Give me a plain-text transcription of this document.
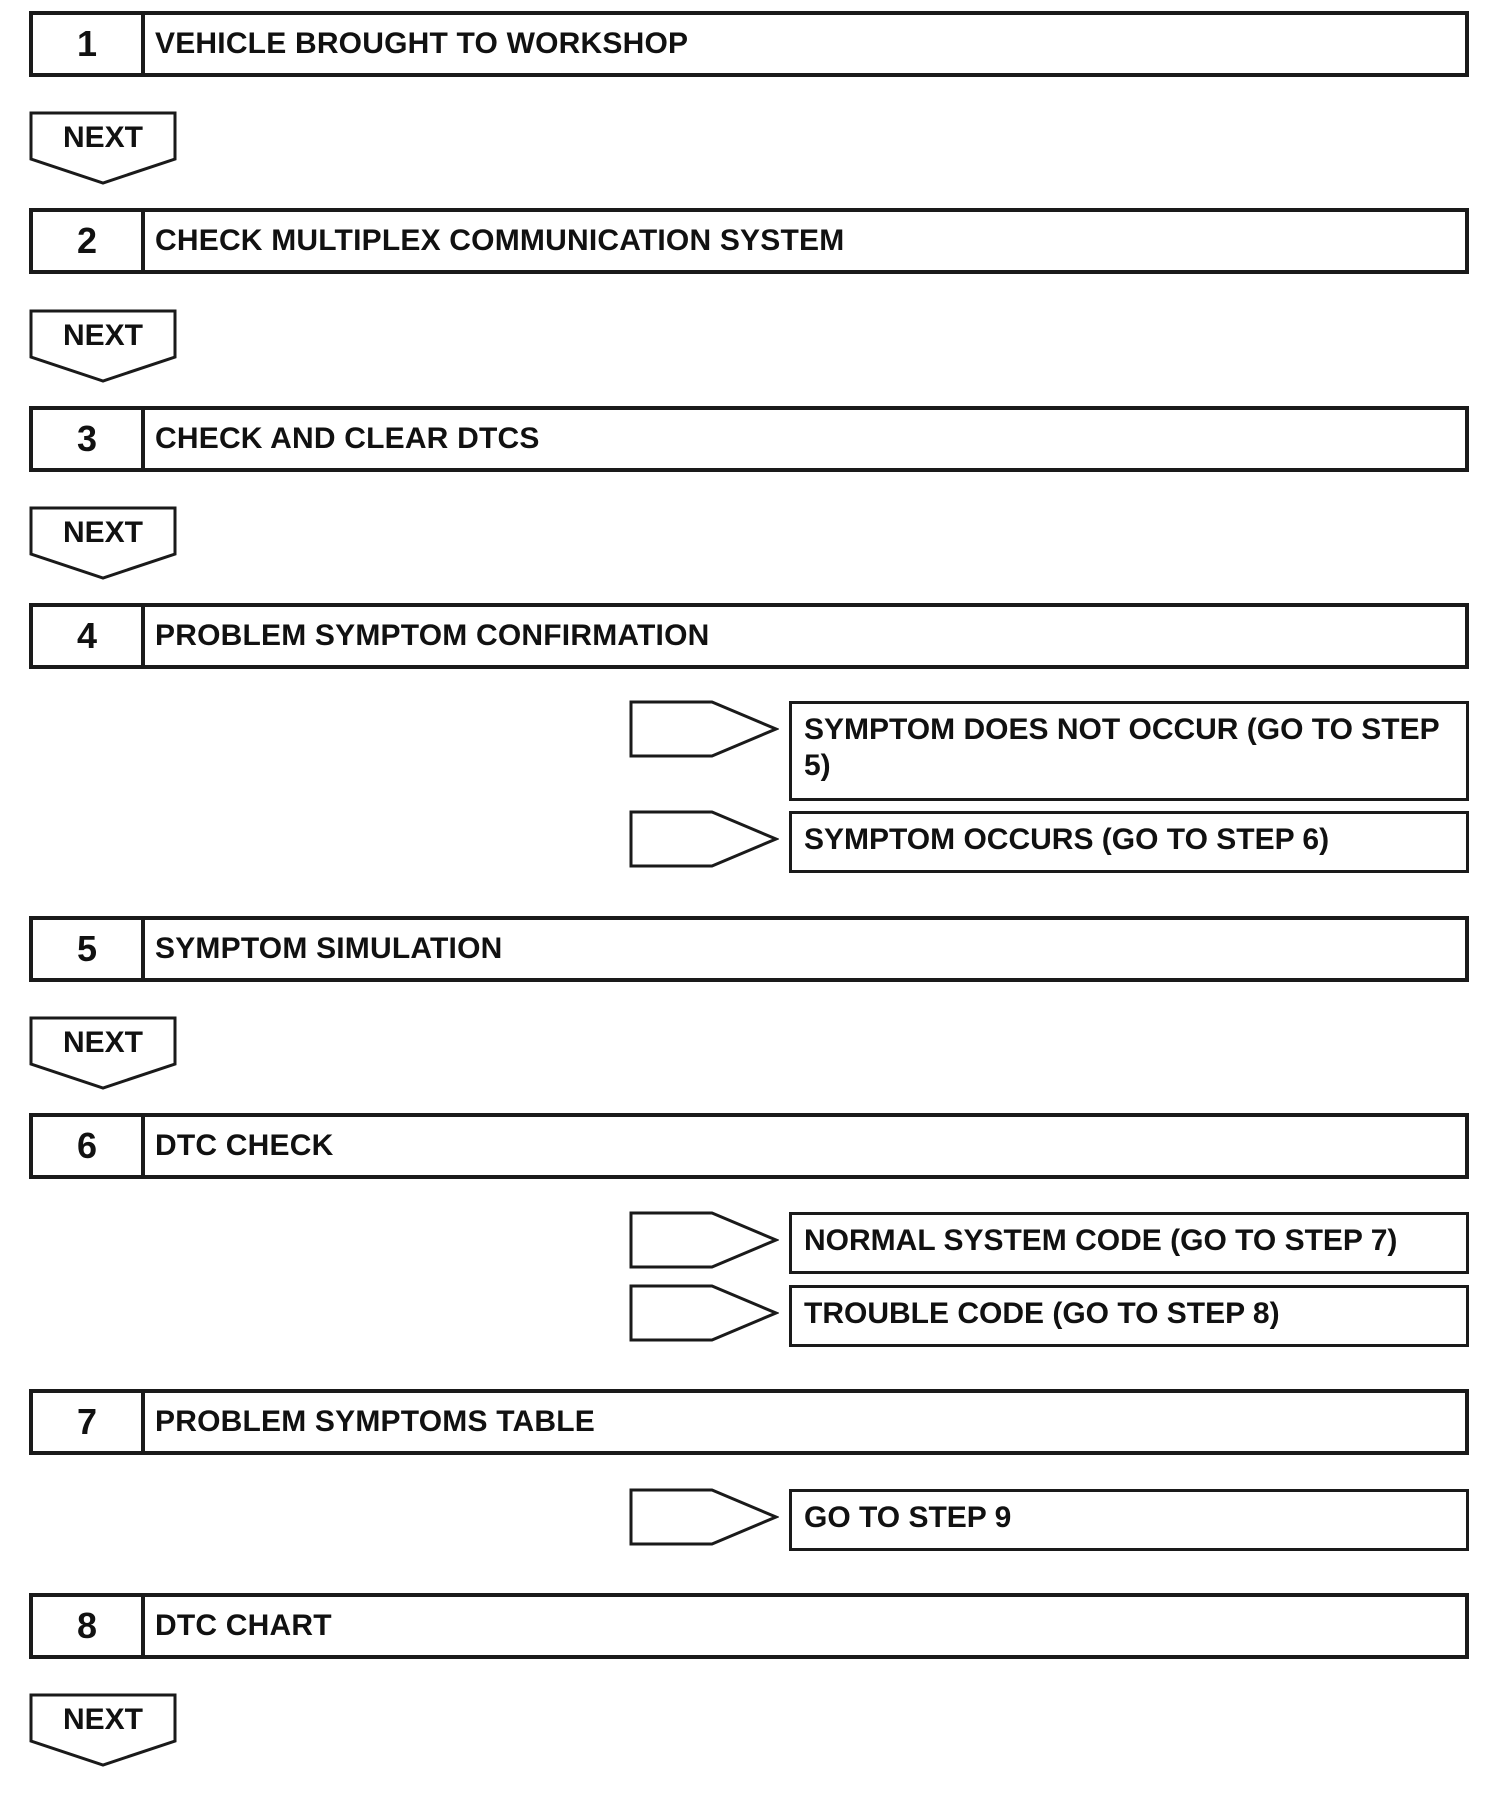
1	VEHICLE BROUGHT TO WORKSHOP
NEXT
2	CHECK MULTIPLEX COMMUNICATION SYSTEM
NEXT
3	CHECK AND CLEAR DTCS
NEXT
4	PROBLEM SYMPTOM CONFIRMATION
SYMPTOM DOES NOT OCCUR (GO TO STEP 5)
SYMPTOM OCCURS (GO TO STEP 6)
5	SYMPTOM SIMULATION
NEXT
6	DTC CHECK
NORMAL SYSTEM CODE (GO TO STEP 7)
TROUBLE CODE (GO TO STEP 8)
7	PROBLEM SYMPTOMS TABLE
GO TO STEP 9
8	DTC CHART
NEXT
